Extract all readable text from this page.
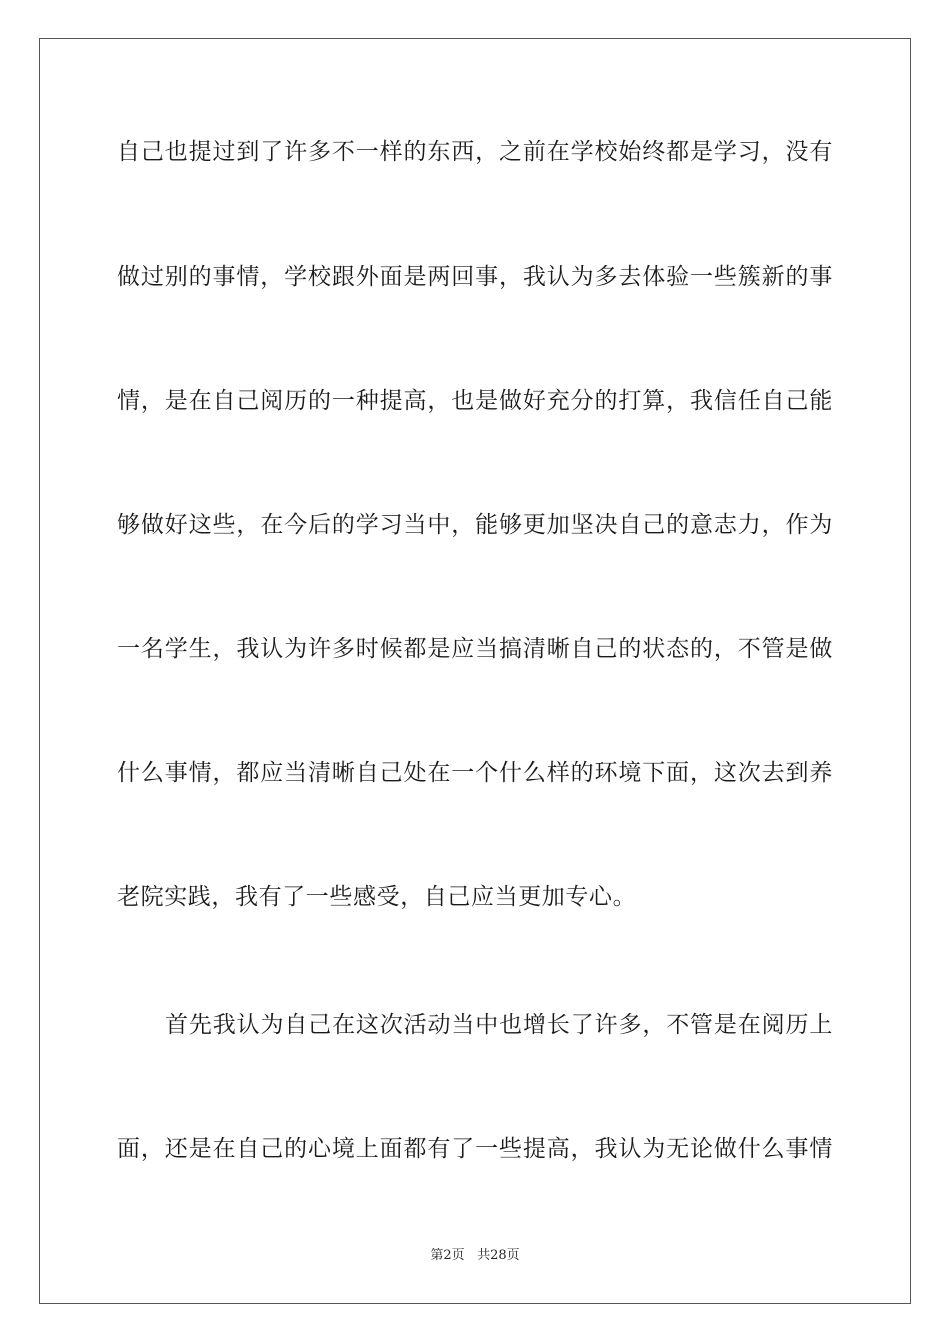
自己也提过到了许多不一样的东西，之前在学校始终都是学习，没有
做过别的事情，学校跟外面是两回事，我认为多去体验一些簇新的事
情，是在自己阅历的一种提高，也是做好充分的打算，我信任自己能
够做好这些，在今后的学习当中，能够更加坚决自己的意志力，作为
一名学生，我认为许多时候都是应当搞清晰自己的状态的，不管是做
什么事情，都应当清晰自己处在一个什么样的环境下面，这次去到养
老院实践，我有了一些感受，自己应当更加专心。
首先我认为自己在这次活动当中也增长了许多，不管是在阅历上
面，还是在自己的心境上面都有了一些提高，我认为无论做什么事情
第2页 共28页
